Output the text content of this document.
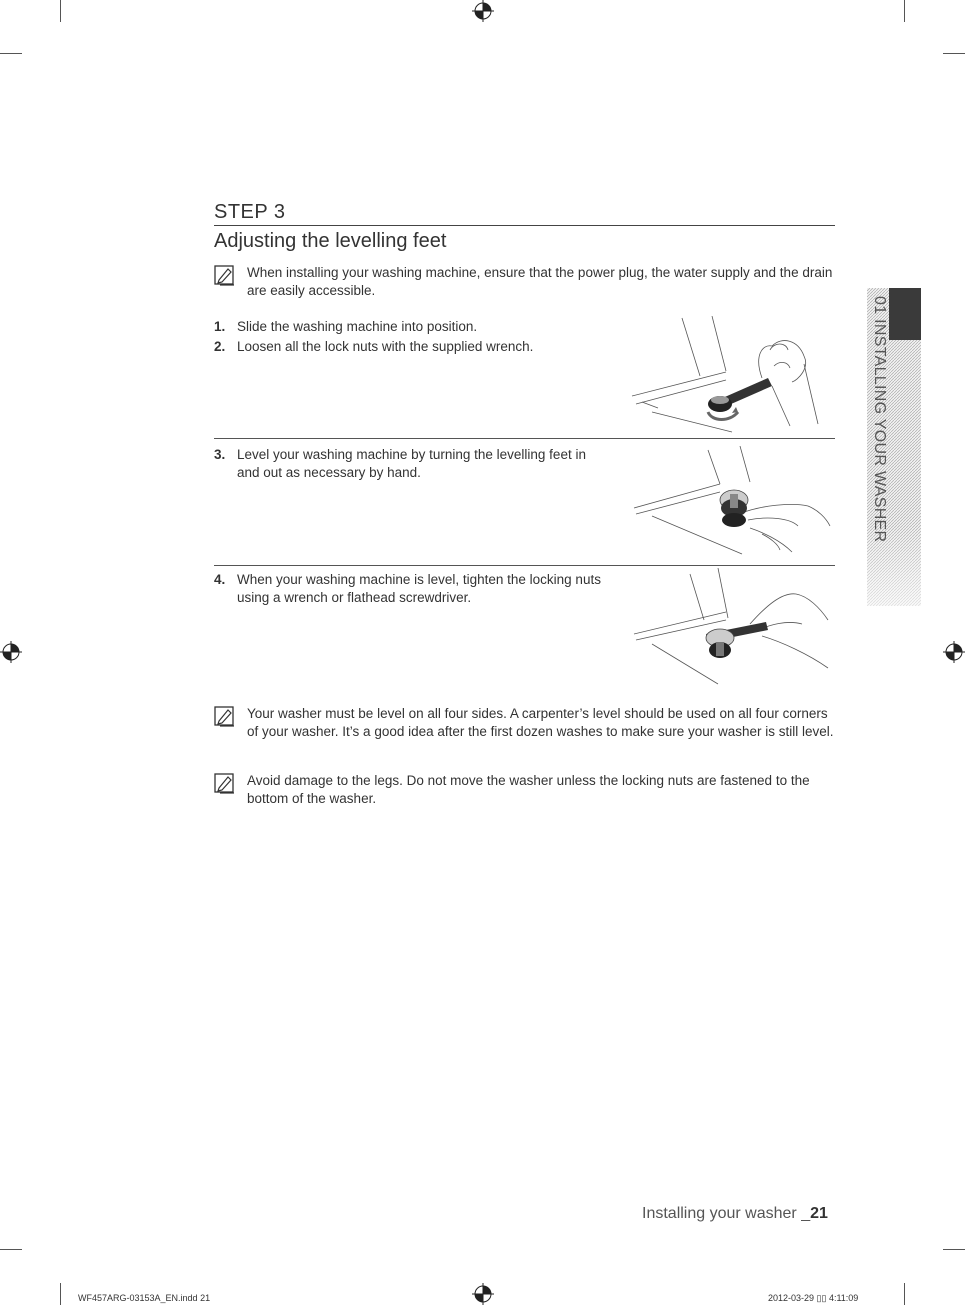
STEP 3
Adjusting the levelling feet
When installing your washing machine, ensure that the power plug, the water supply and the drain are easily accessible.
1. Slide the washing machine into position.
2. Loosen all the lock nuts with the supplied wrench.
3. Level your washing machine by turning the levelling feet in and out as necessary by hand.
4. When your washing machine is level, tighten the locking nuts using a wrench or flathead screwdriver.
Your washer must be level on all four sides. A carpenter’s level should be used on all four corners of your washer. It’s a good idea after the first dozen washes to make sure your washer is still level.
Avoid damage to the legs. Do not move the washer unless the locking nuts are fastened to the bottom of the washer.
01 INSTALLING YOUR WASHER
Installing your washer _21
WF457ARG-03153A_EN.indd 21	2012-03-29 ▯▯ 4:11:09
